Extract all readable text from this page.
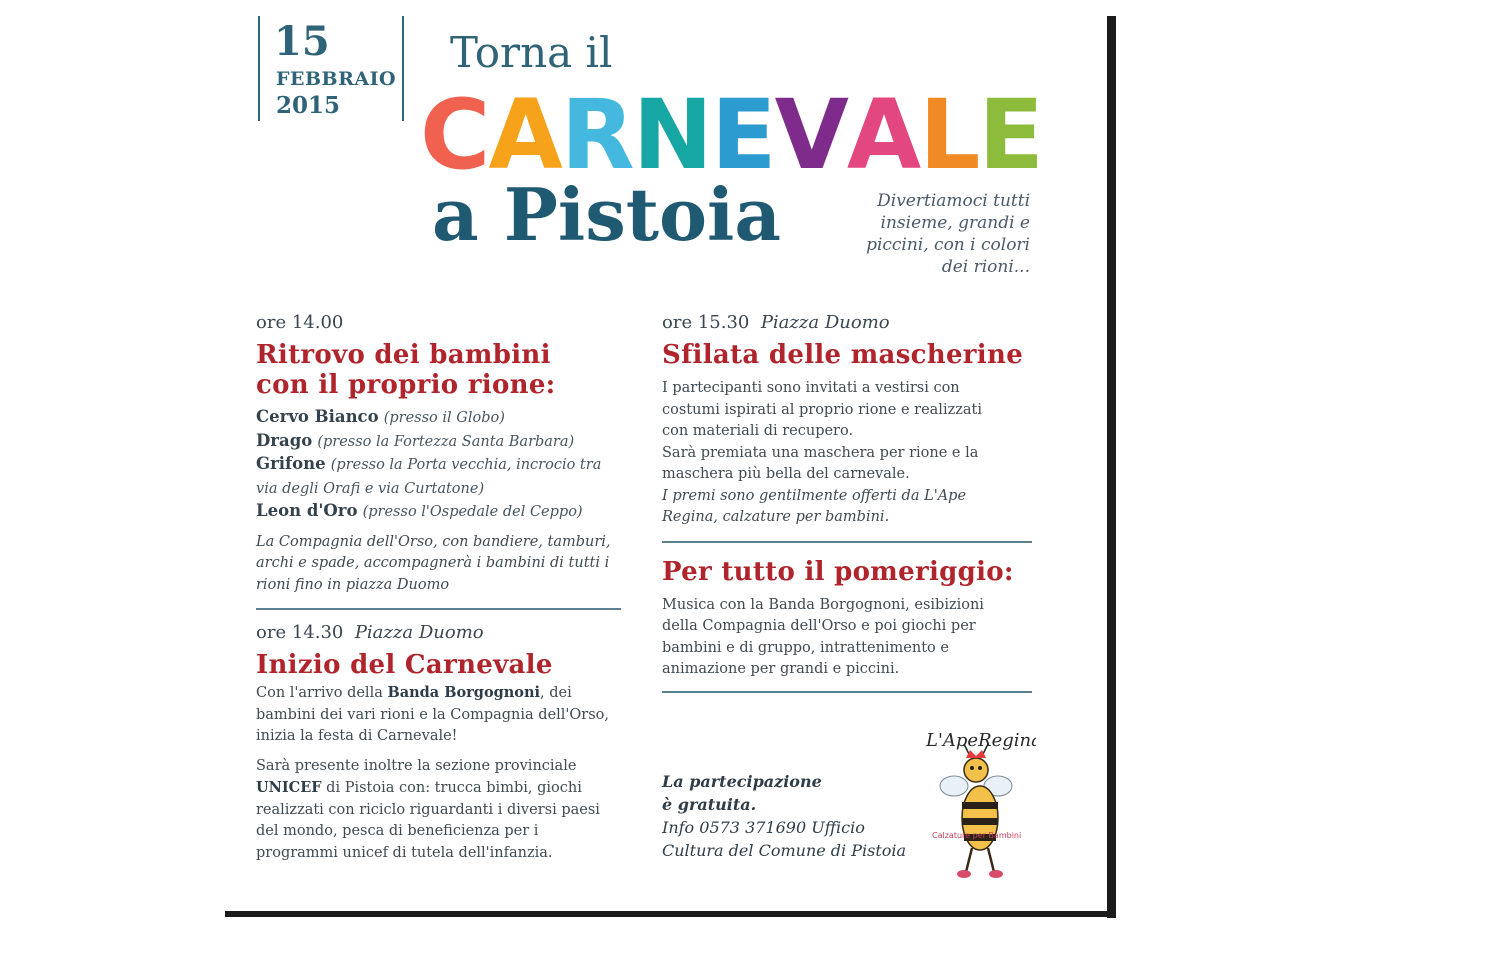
15
FEBBRAIO
2015
Torna il
CARNEVALE
a Pistoia	Divertiamoci tutti insieme, grandi e piccini, con i colori dei rioni...

ore 14.00

Ritrovo dei bambini con il proprio rione:
Cervo Bianco (presso il Globo)
Drago (presso la Fortezza Santa Barbara)
Grifone (presso la Porta vecchia, incrocio tra via degli Orafi e via Curtatone)
Leon d'Oro (presso l'Ospedale del Ceppo)

La Compagnia dell'Orso, con bandiere, tamburi, archi e spade, accompagnerà i bambini di tutti i rioni fino in piazza Duomo

ore 14.30 Piazza Duomo

Inizio del Carnevale

Con l'arrivo della Banda Borgognoni, dei bambini dei vari rioni e la Compagnia dell'Orso, inizia la festa di Carnevale!

Sarà presente inoltre la sezione provinciale UNICEF di Pistoia con: trucca bimbi, giochi realizzati con riciclo riguardanti i diversi paesi del mondo, pesca di beneficienza per i programmi unicef di tutela dell'infanzia.

ore 15.30 Piazza Duomo

Sfilata delle mascherine

I partecipanti sono invitati a vestirsi con costumi ispirati al proprio rione e realizzati con materiali di recupero.

Sarà premiata una maschera per rione e la maschera più bella del carnevale.

I premi sono gentilmente offerti da L'Ape Regina, calzature per bambini.

Per tutto il pomeriggio:

Musica con la Banda Borgognoni, esibizioni della Compagnia dell'Orso e poi giochi per bambini e di gruppo, intrattenimento e animazione per grandi e piccini.

La partecipazione
è gratuita.
Info 0573 371690 Ufficio
Cultura del Comune di Pistoia
L'ApeRegina
Calzature per Bambini
